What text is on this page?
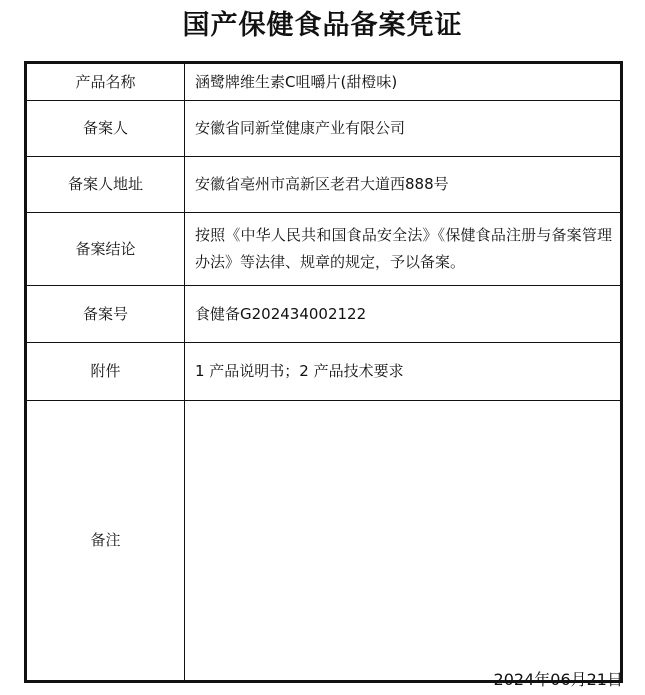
国产保健食品备案凭证
产品名称	涵鹭牌维生素C咀嚼片(甜橙味)
备案人	安徽省同新堂健康产业有限公司
备案人地址	安徽省亳州市高新区老君大道西888号
备案结论	按照《中华人民共和国食品安全法》《保健食品注册与备案管理办法》等法律、规章的规定，予以备案。
备案号	食健备G202434002122
附件	1 产品说明书；2 产品技术要求
备注	
2024年06月21日
